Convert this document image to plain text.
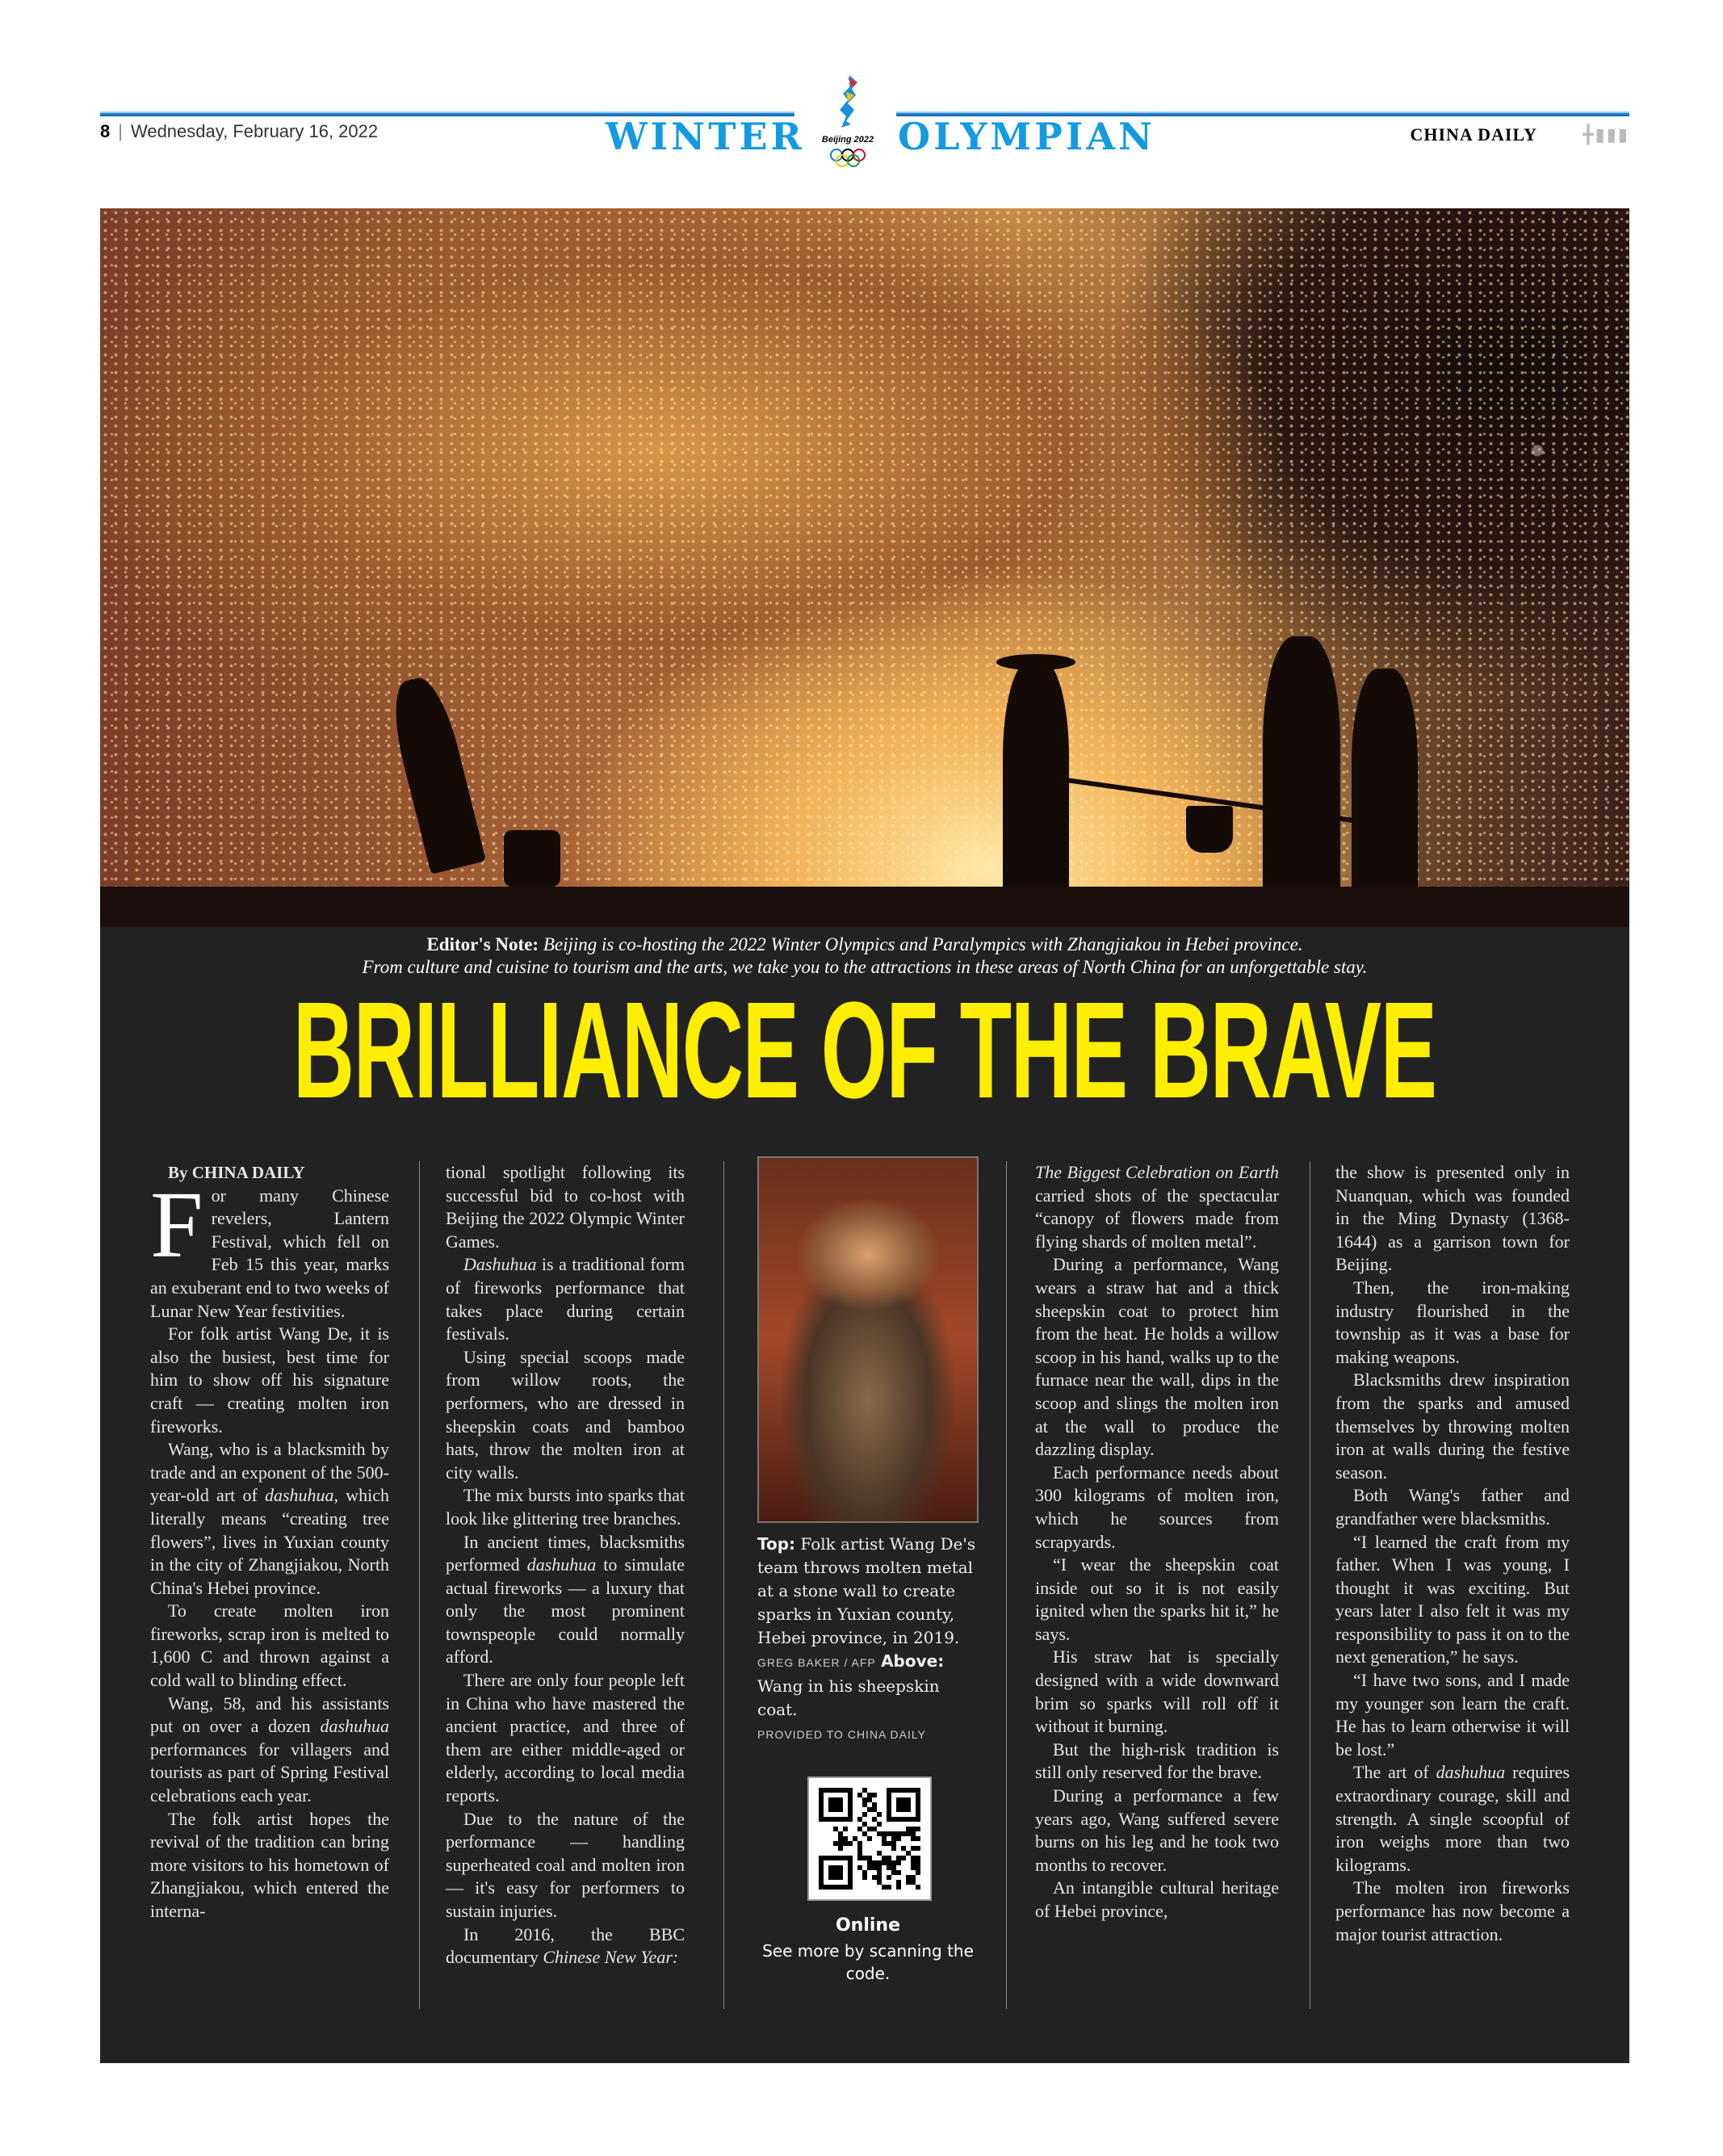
8 | Wednesday, February 16, 2022	WINTER	OLYMPIAN
Beijing 2022	CHINA DAILY	╋▮▮▮
Editor's Note: Beijing is co-hosting the 2022 Winter Olympics and Paralympics with Zhangjiakou in Hebei province.
From culture and cuisine to tourism and the arts, we take you to the attractions in these areas of North China for an unforgettable stay.
BRILLIANCE OF THE BRAVE

By CHINA DAILY

F or many Chinese revelers, Lantern Festival, which fell on Feb 15 this year, marks an exuberant end to two weeks of Lunar New Year festivities.

For folk artist Wang De, it is also the busiest, best time for him to show off his signature craft — creating molten iron fireworks.

Wang, who is a blacksmith by trade and an exponent of the 500-year-old art of dashuhua, which literally means “creating tree flowers”, lives in Yuxian county in the city of Zhangjiakou, North China's Hebei province.

To create molten iron fireworks, scrap iron is melted to 1,600 C and thrown against a cold wall to blinding effect.

Wang, 58, and his assistants put on over a dozen dashuhua performances for villagers and tourists as part of Spring Festival celebrations each year.

The folk artist hopes the revival of the tradition can bring more visitors to his hometown of Zhangjiakou, which entered the interna-

tional spotlight following its successful bid to co-host with Beijing the 2022 Olympic Winter Games.

Dashuhua is a traditional form of fireworks performance that takes place during certain festivals.

Using special scoops made from willow roots, the performers, who are dressed in sheepskin coats and bamboo hats, throw the molten iron at city walls.

The mix bursts into sparks that look like glittering tree branches.

In ancient times, blacksmiths performed dashuhua to simulate actual fireworks — a luxury that only the most prominent townspeople could normally afford.

There are only four people left in China who have mastered the ancient practice, and three of them are either middle-aged or elderly, according to local media reports.

Due to the nature of the performance — handling superheated coal and molten iron — it's easy for performers to sustain injuries.

In 2016, the BBC documentary Chinese New Year:

Top: Folk artist Wang De's team throws molten metal at a stone wall to create sparks in Yuxian county, Hebei province, in 2019. GREG BAKER / AFP Above: Wang in his sheepskin coat.
PROVIDED TO CHINA DAILY
Online
See more by scanning the code.

The Biggest Celebration on Earth carried shots of the spectacular “canopy of flowers made from flying shards of molten metal”.

During a performance, Wang wears a straw hat and a thick sheepskin coat to protect him from the heat. He holds a willow scoop in his hand, walks up to the furnace near the wall, dips in the scoop and slings the molten iron at the wall to produce the dazzling display.

Each performance needs about 300 kilograms of molten iron, which he sources from scrapyards.

“I wear the sheepskin coat inside out so it is not easily ignited when the sparks hit it,” he says.

His straw hat is specially designed with a wide downward brim so sparks will roll off it without it burning.

But the high-risk tradition is still only reserved for the brave.

During a performance a few years ago, Wang suffered severe burns on his leg and he took two months to recover.

An intangible cultural heritage of Hebei province,

the show is presented only in Nuanquan, which was founded in the Ming Dynasty (1368-1644) as a garrison town for Beijing.

Then, the iron-making industry flourished in the township as it was a base for making weapons.

Blacksmiths drew inspiration from the sparks and amused themselves by throwing molten iron at walls during the festive season.

Both Wang's father and grandfather were blacksmiths.

“I learned the craft from my father. When I was young, I thought it was exciting. But years later I also felt it was my responsibility to pass it on to the next generation,” he says.

“I have two sons, and I made my younger son learn the craft. He has to learn otherwise it will be lost.”

The art of dashuhua requires extraordinary courage, skill and strength. A single scoopful of iron weighs more than two kilograms.

The molten iron fireworks performance has now become a major tourist attraction.
